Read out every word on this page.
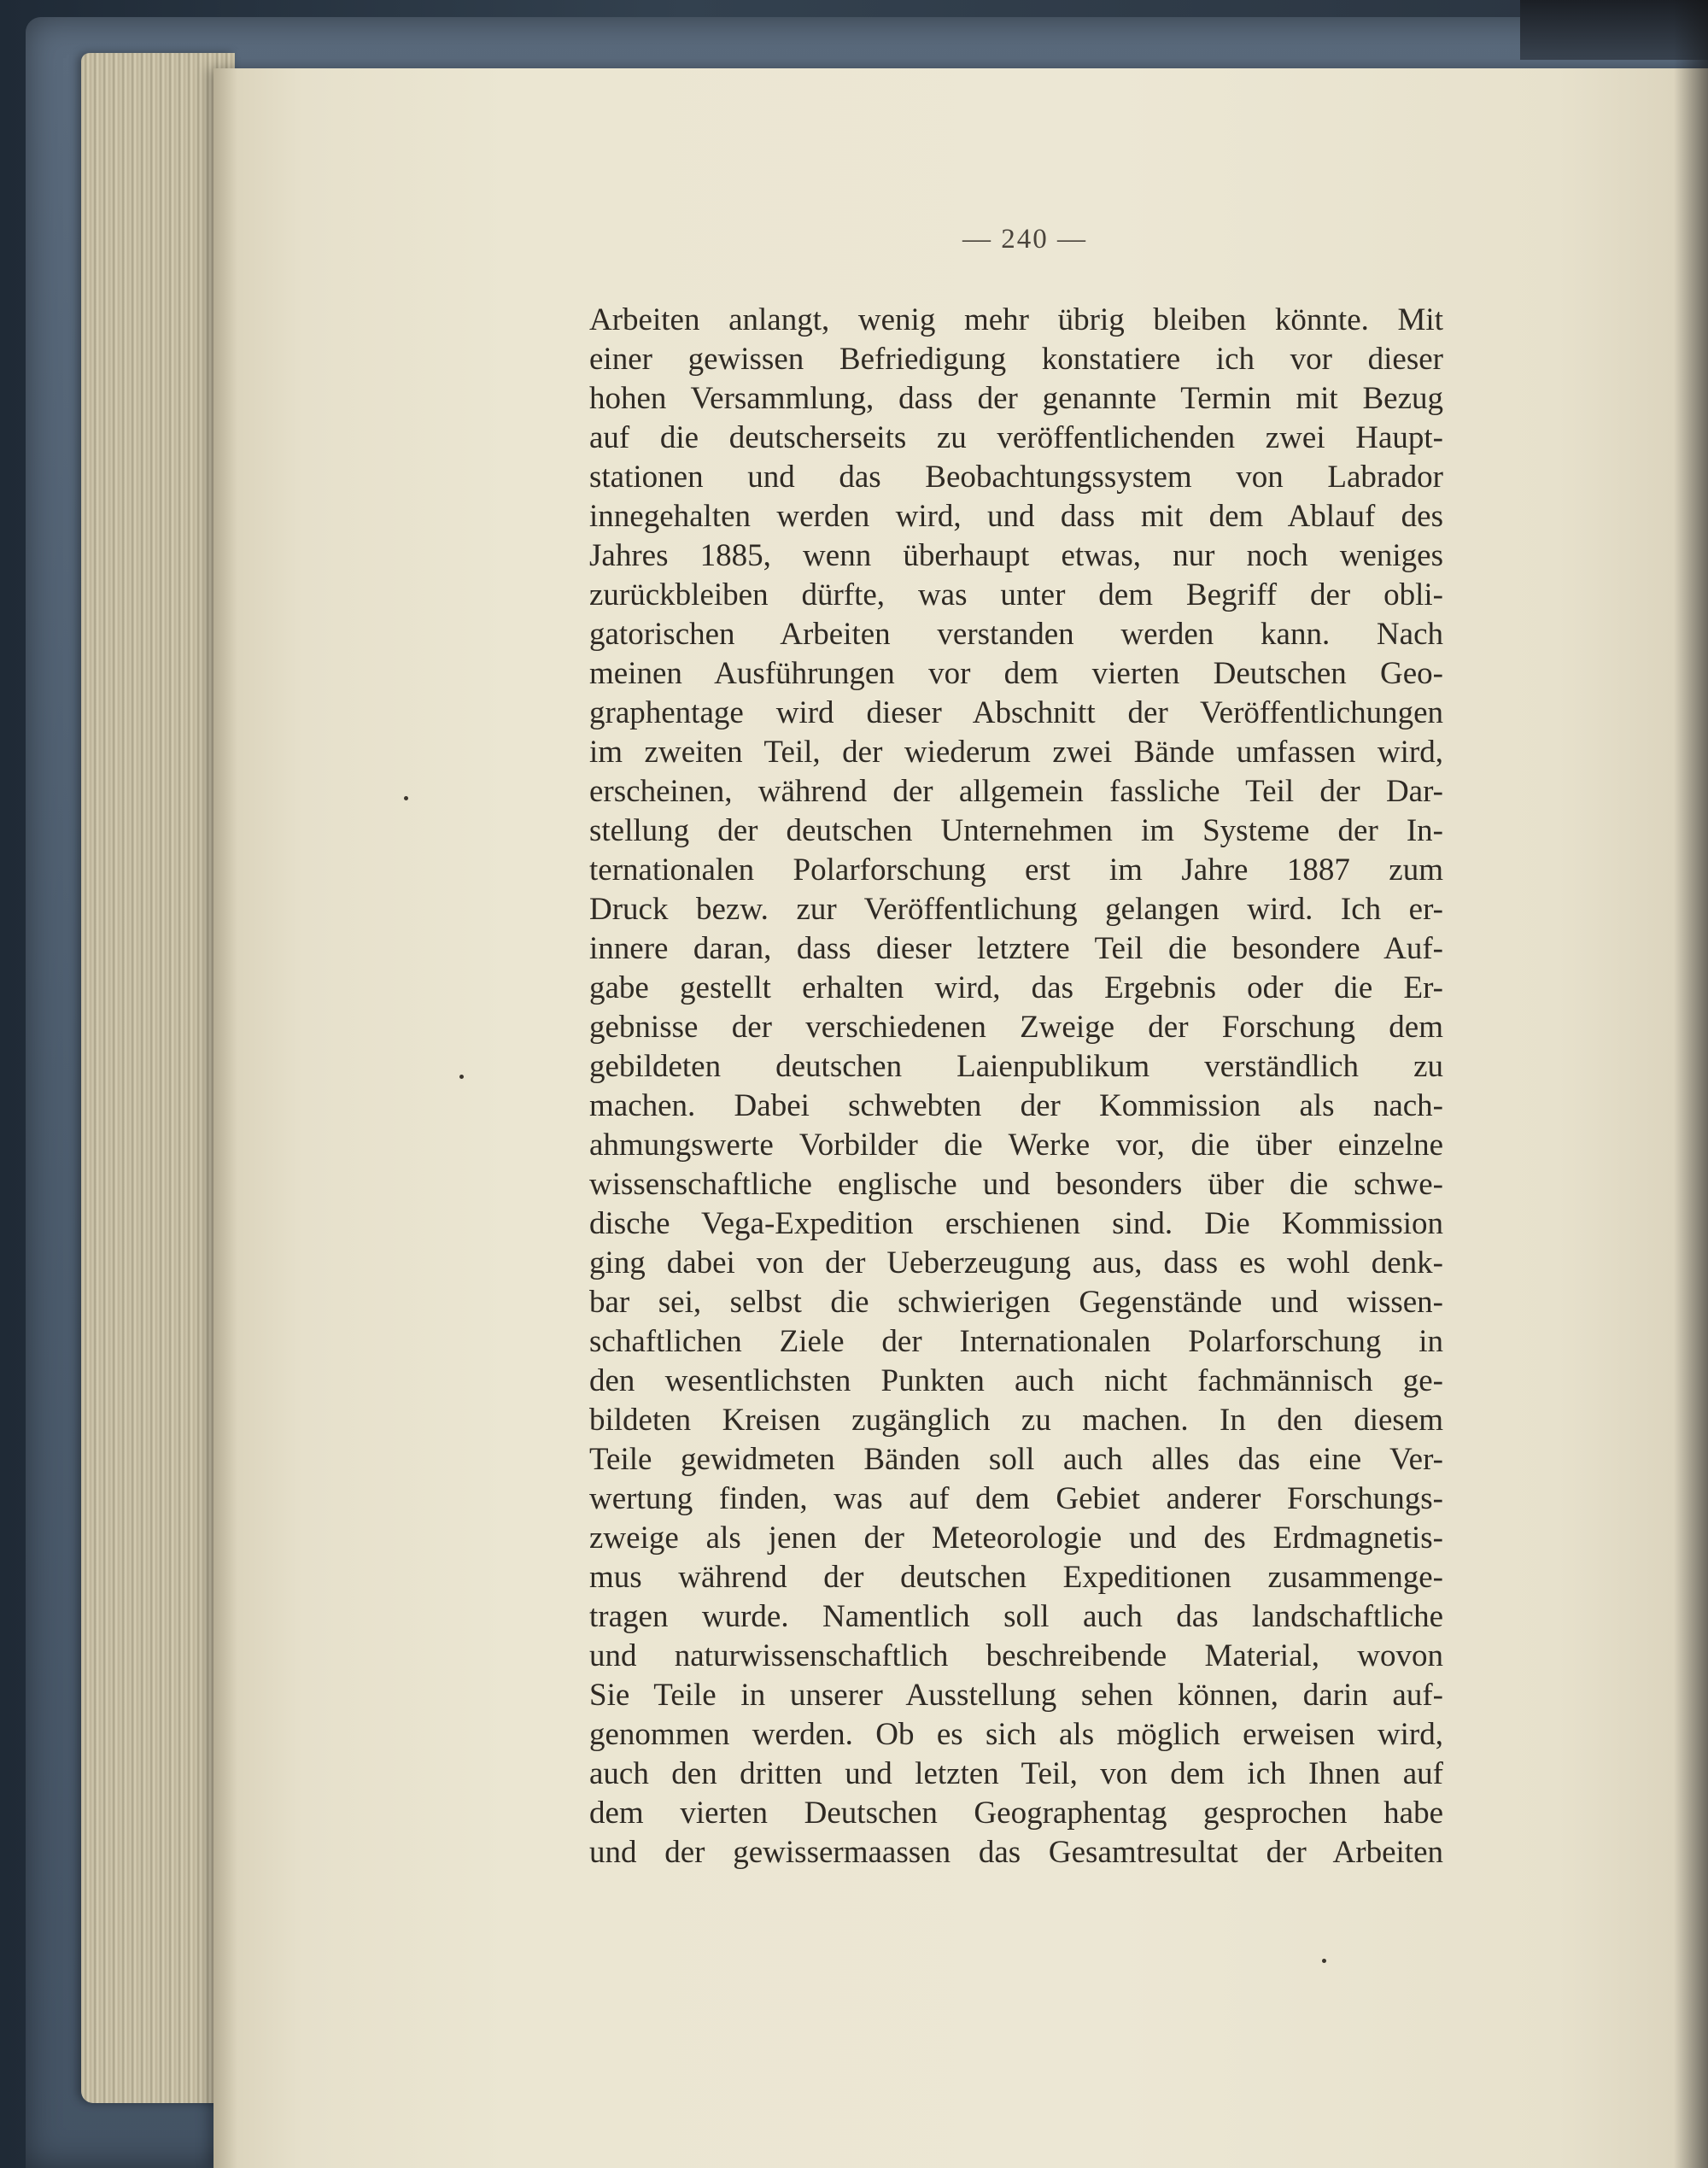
— 240 —
Arbeiten anlangt, wenig mehr übrig bleiben könnte. Mit
einer gewissen Befriedigung konstatiere ich vor dieser
hohen Versammlung, dass der genannte Termin mit Bezug
auf die deutscherseits zu veröffentlichenden zwei Haupt-
stationen und das Beobachtungssystem von Labrador
innegehalten werden wird, und dass mit dem Ablauf des
Jahres 1885, wenn überhaupt etwas, nur noch weniges
zurückbleiben dürfte, was unter dem Begriff der obli-
gatorischen Arbeiten verstanden werden kann. Nach
meinen Ausführungen vor dem vierten Deutschen Geo-
graphentage wird dieser Abschnitt der Veröffentlichungen
im zweiten Teil, der wiederum zwei Bände umfassen wird,
erscheinen, während der allgemein fassliche Teil der Dar-
stellung der deutschen Unternehmen im Systeme der In-
ternationalen Polarforschung erst im Jahre 1887 zum
Druck bezw. zur Veröffentlichung gelangen wird. Ich er-
innere daran, dass dieser letztere Teil die besondere Auf-
gabe gestellt erhalten wird, das Ergebnis oder die Er-
gebnisse der verschiedenen Zweige der Forschung dem
gebildeten deutschen Laienpublikum verständlich zu
machen. Dabei schwebten der Kommission als nach-
ahmungswerte Vorbilder die Werke vor, die über einzelne
wissenschaftliche englische und besonders über die schwe-
dische Vega-Expedition erschienen sind. Die Kommission
ging dabei von der Ueberzeugung aus, dass es wohl denk-
bar sei, selbst die schwierigen Gegenstände und wissen-
schaftlichen Ziele der Internationalen Polarforschung in
den wesentlichsten Punkten auch nicht fachmännisch ge-
bildeten Kreisen zugänglich zu machen. In den diesem
Teile gewidmeten Bänden soll auch alles das eine Ver-
wertung finden, was auf dem Gebiet anderer Forschungs-
zweige als jenen der Meteorologie und des Erdmagnetis-
mus während der deutschen Expeditionen zusammenge-
tragen wurde. Namentlich soll auch das landschaftliche
und naturwissenschaftlich beschreibende Material, wovon
Sie Teile in unserer Ausstellung sehen können, darin auf-
genommen werden. Ob es sich als möglich erweisen wird,
auch den dritten und letzten Teil, von dem ich Ihnen auf
dem vierten Deutschen Geographentag gesprochen habe
und der gewissermaassen das Gesamtresultat der Arbeiten
